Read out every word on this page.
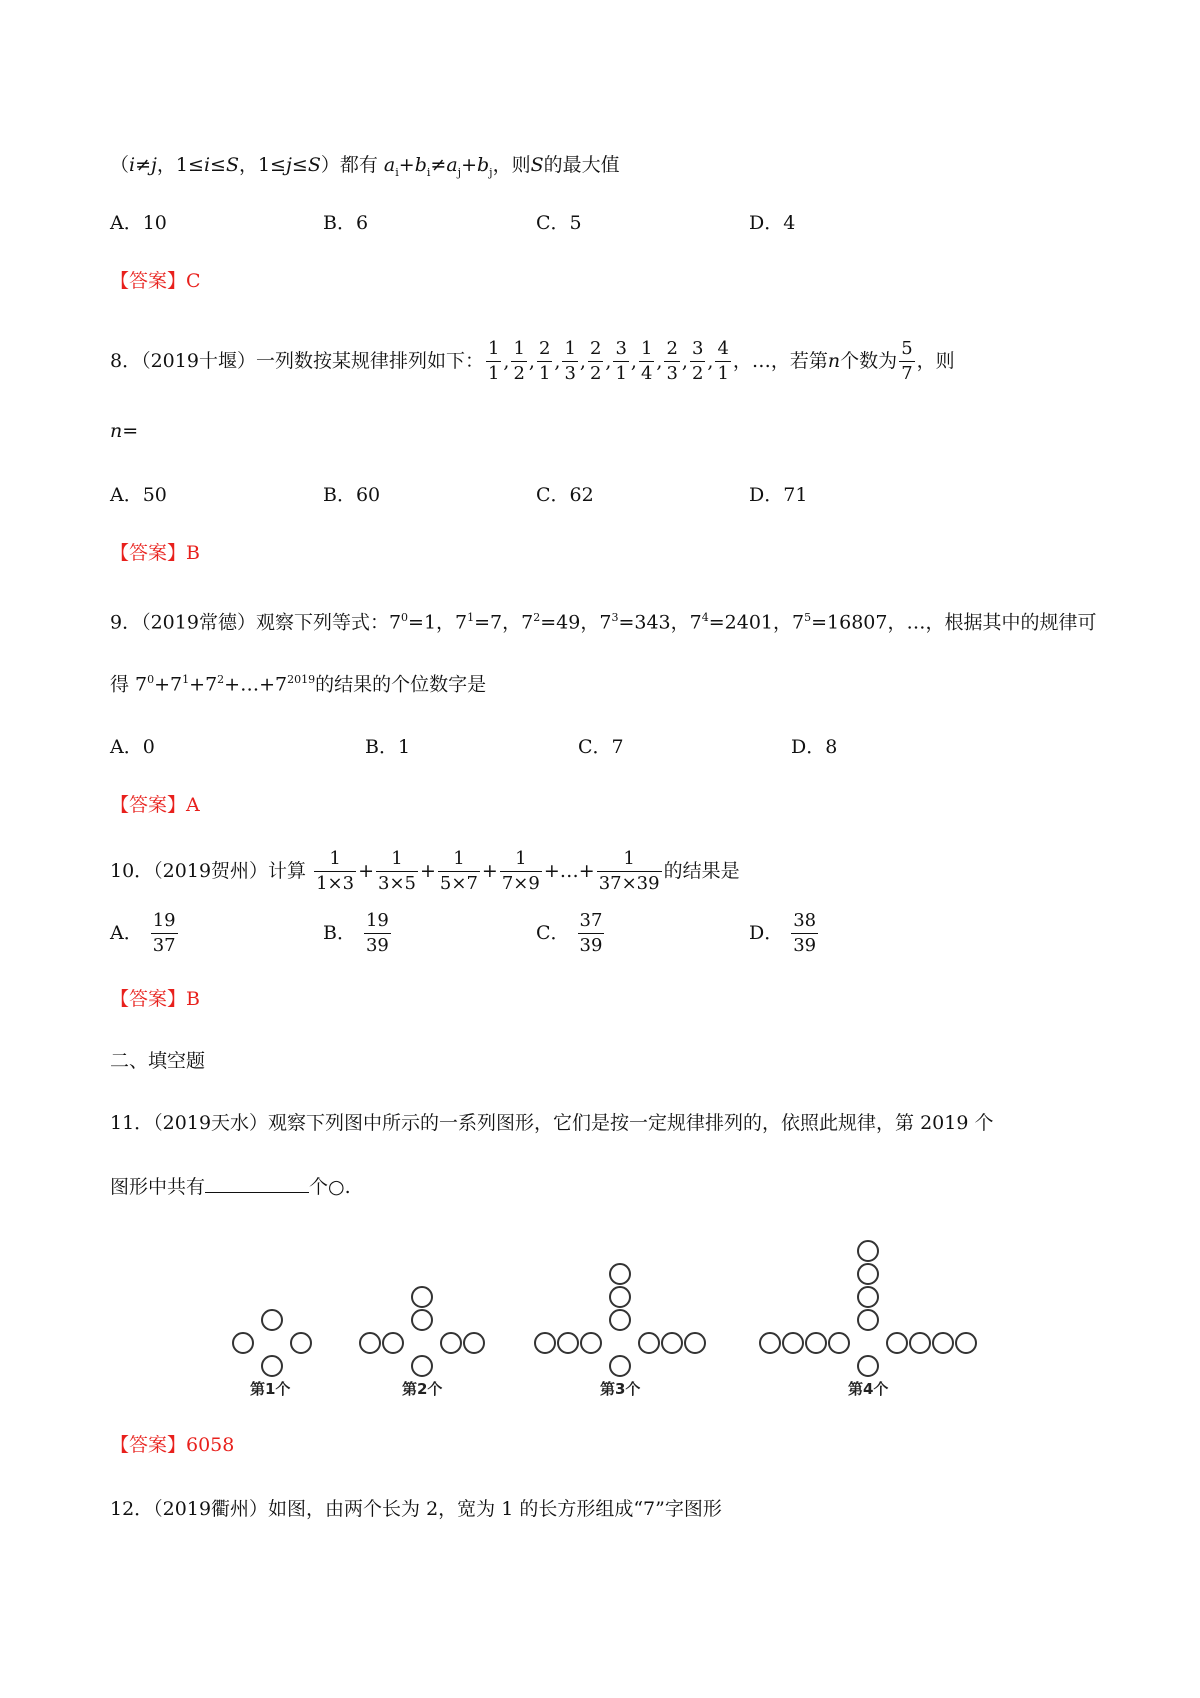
（i≠j，1≤i≤S，1≤j≤S）都有 $a_i+b_i\ne a_j+b_j$，则S的最大值
A．10	B．6	C．5	D．4
【答案】C
8．（2019十堰）一列数按某规律排列如下： $\frac{1}{1}$ , $\frac{1}{2}$ , $\frac{2}{1}$ , $\frac{1}{3}$ , $\frac{2}{2}$ , $\frac{3}{1}$ , $\frac{1}{4}$ , $\frac{2}{3}$ , $\frac{3}{2}$ , $\frac{4}{1}$ ，…，若第n个数为 $\frac{5}{7}$ ，则
n=
A．50	B．60	C．62	D．71
【答案】B
9．（2019常德）观察下列等式：$7^0=1$，$7^1=7$，$7^2=49$，$7^3=343$，$7^4=2401$，$7^5=16807$，…，根据其中的规律可
得 $7^0+7^1+7^2+\dots+7^{2019}$的结果的个位数字是
A．0	B．1	C．7	D．8
【答案】A
10．（2019贺州）计算 $\frac{1}{1\times 3} + \frac{1}{3\times 5} + \frac{1}{5\times 7} + \frac{1}{7\times 9}$ +…+ $\frac{1}{37\times 39}$ 的结果是
A． $\frac{19}{37}$	B． $\frac{19}{39}$	C． $\frac{37}{39}$	D． $\frac{38}{39}$
【答案】B
二、填空题
11．（2019天水）观察下列图中所示的一系列图形，它们是按一定规律排列的，依照此规律，第 2019 个
图形中共有	个○.
第1个	第2个	第3个	第4个
【答案】6058
12．（2019衢州）如图，由两个长为 2，宽为 1 的长方形组成“7”字图形
